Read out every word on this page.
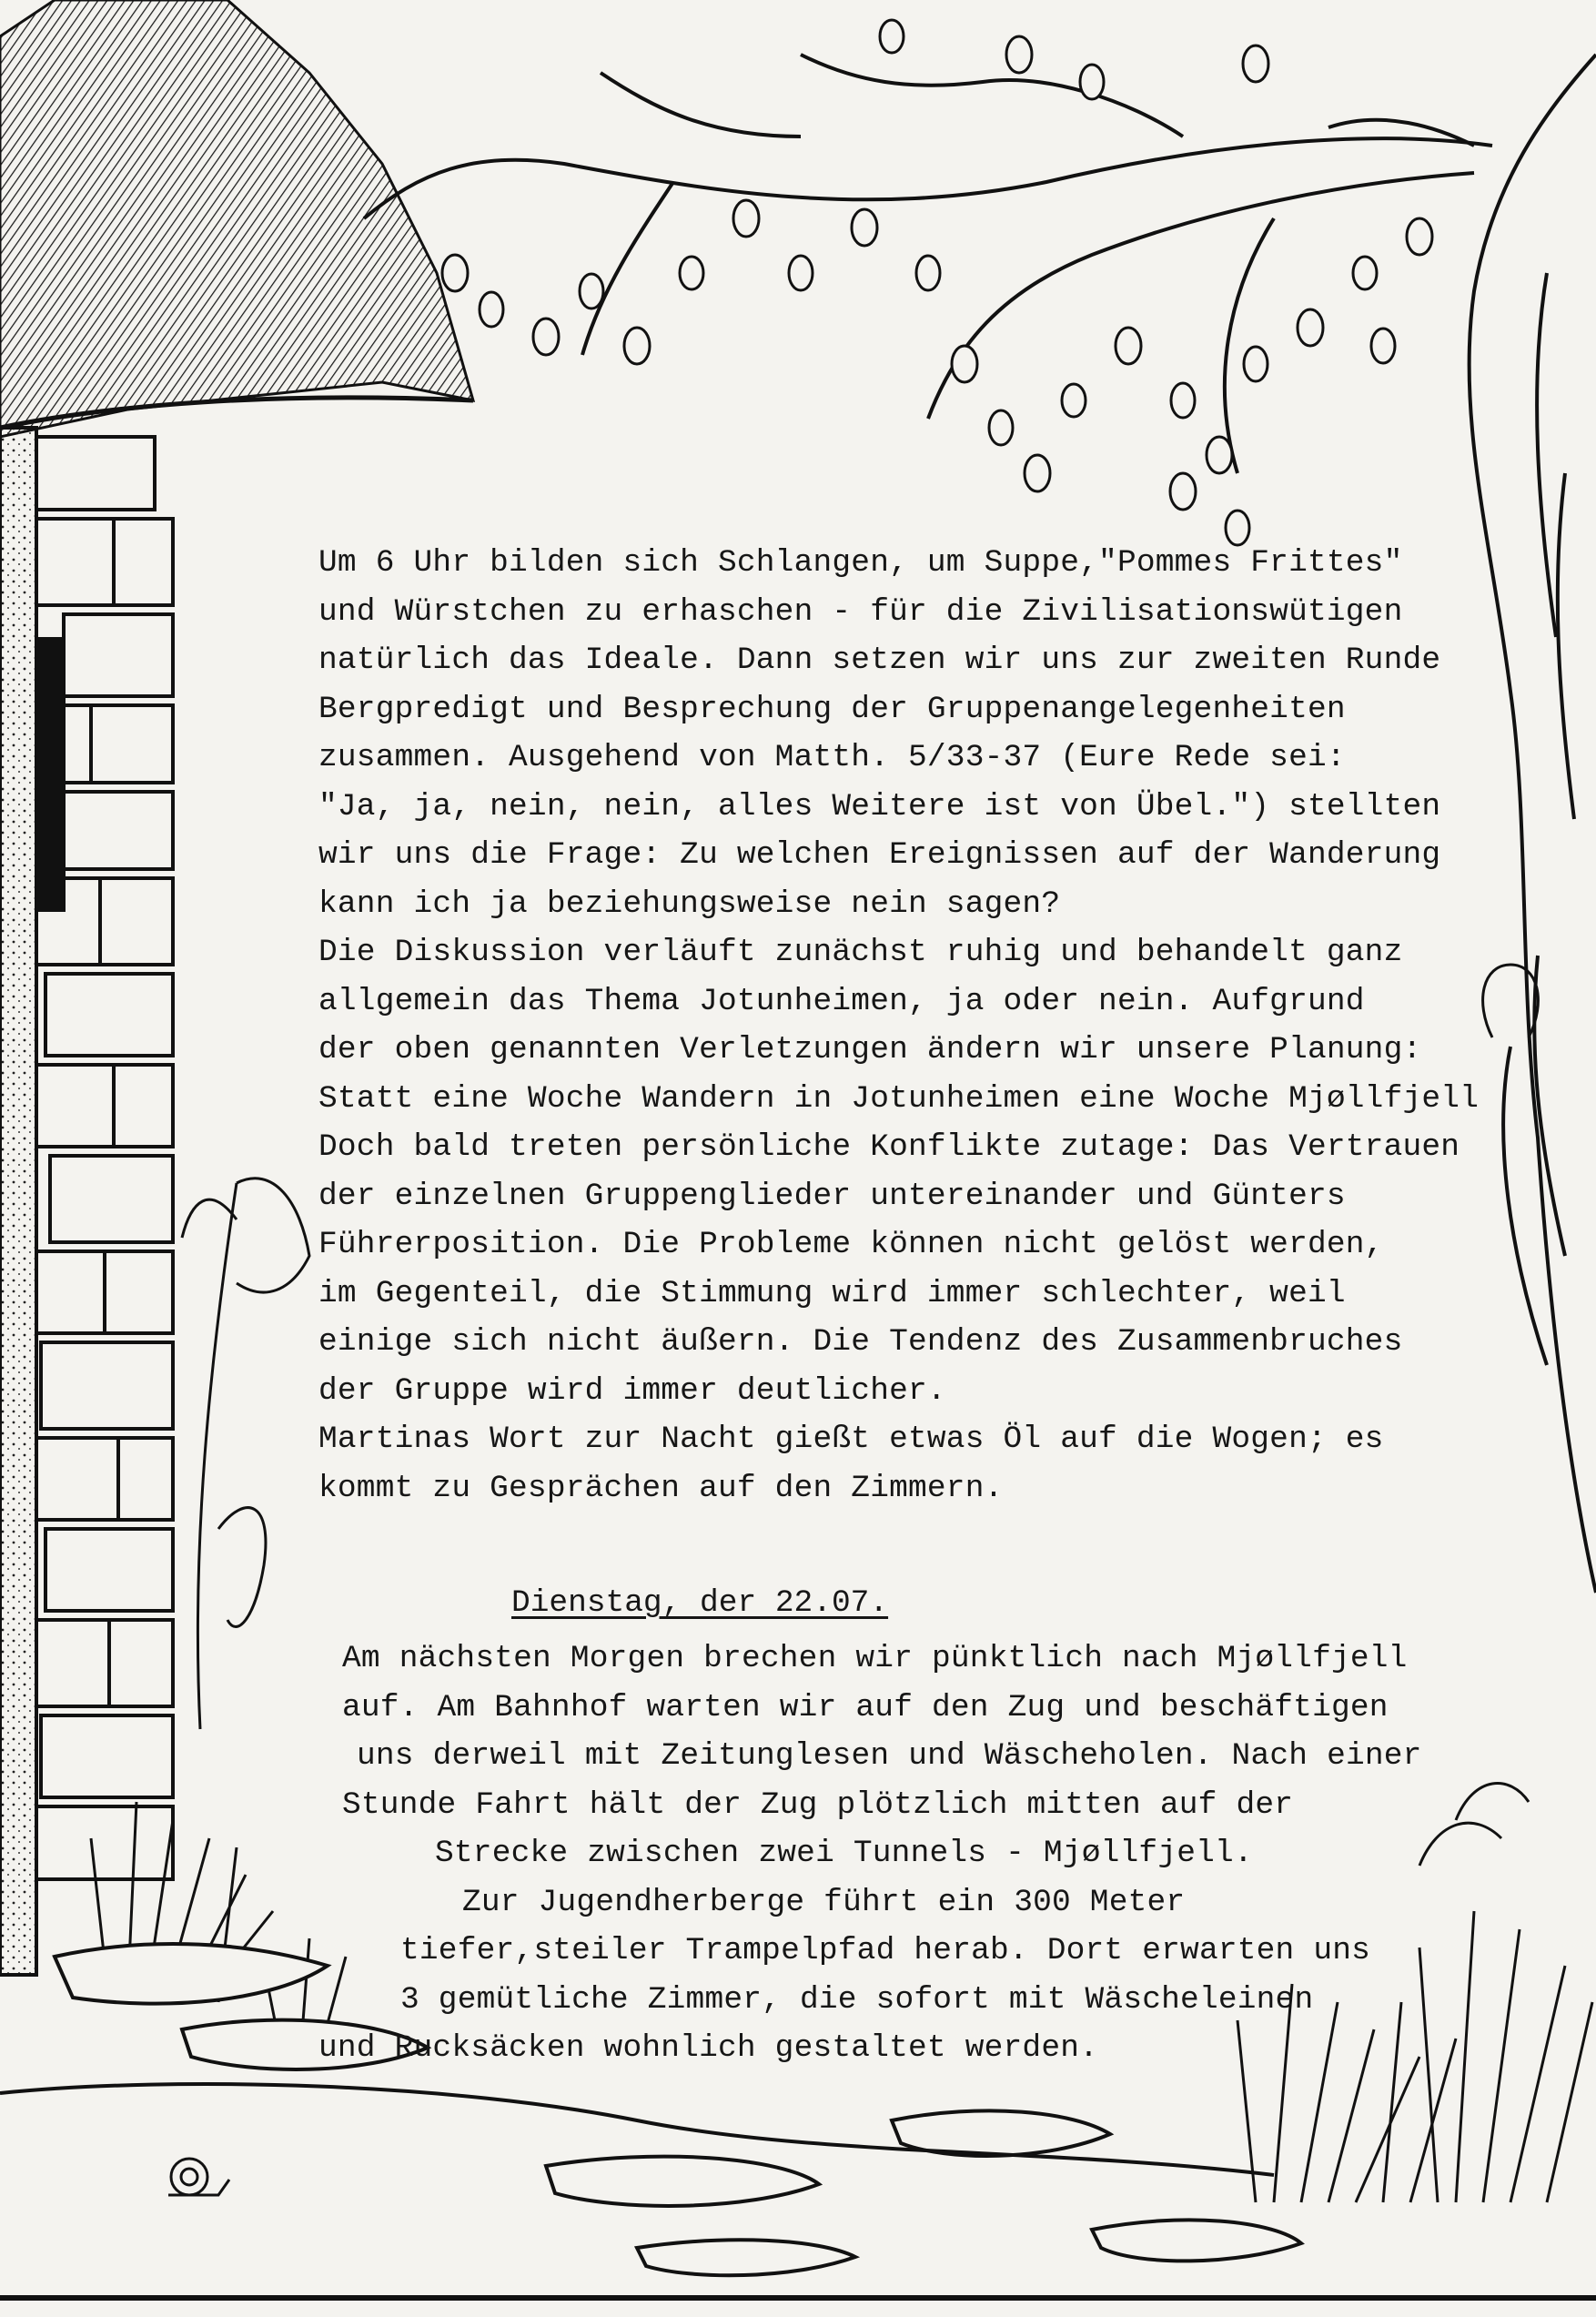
Um 6 Uhr bilden sich Schlangen, um Suppe,"Pommes Frittes"
und Würstchen zu erhaschen - für die Zivilisationswütigen
natürlich das Ideale. Dann setzen wir uns zur zweiten Runde
Bergpredigt und Besprechung der Gruppenangelegenheiten
zusammen. Ausgehend von Matth. 5/33-37 (Eure Rede sei:
"Ja, ja, nein, nein, alles Weitere ist von Übel.") stellten
wir uns die Frage: Zu welchen Ereignissen auf der Wanderung
kann ich ja beziehungsweise nein sagen?
Die Diskussion verläuft zunächst ruhig und behandelt ganz
allgemein das Thema Jotunheimen, ja oder nein. Aufgrund
der oben genannten Verletzungen ändern wir unsere Planung:
Statt eine Woche Wandern in Jotunheimen eine Woche Mjøllfjell
Doch bald treten persönliche Konflikte zutage: Das Vertrauen
der einzelnen Gruppenglieder untereinander und Günters
Führerposition. Die Probleme können nicht gelöst werden,
im Gegenteil, die Stimmung wird immer schlechter, weil
einige sich nicht äußern. Die Tendenz des Zusammenbruches
der Gruppe wird immer deutlicher.
Martinas Wort zur Nacht gießt etwas Öl auf die Wogen; es
kommt zu Gesprächen auf den Zimmern.
Dienstag, der 22.07.
Am nächsten Morgen brechen wir pünktlich nach Mjøllfjell
auf. Am Bahnhof warten wir auf den Zug und beschäftigen
uns derweil mit Zeitunglesen und Wäscheholen. Nach einer
Stunde Fahrt hält der Zug plötzlich mitten auf der
Strecke zwischen zwei Tunnels - Mjøllfjell.
Zur Jugendherberge führt ein 300 Meter
tiefer,steiler Trampelpfad herab. Dort erwarten uns
3 gemütliche Zimmer, die sofort mit Wäscheleinen
und Rucksäcken wohnlich gestaltet werden.
